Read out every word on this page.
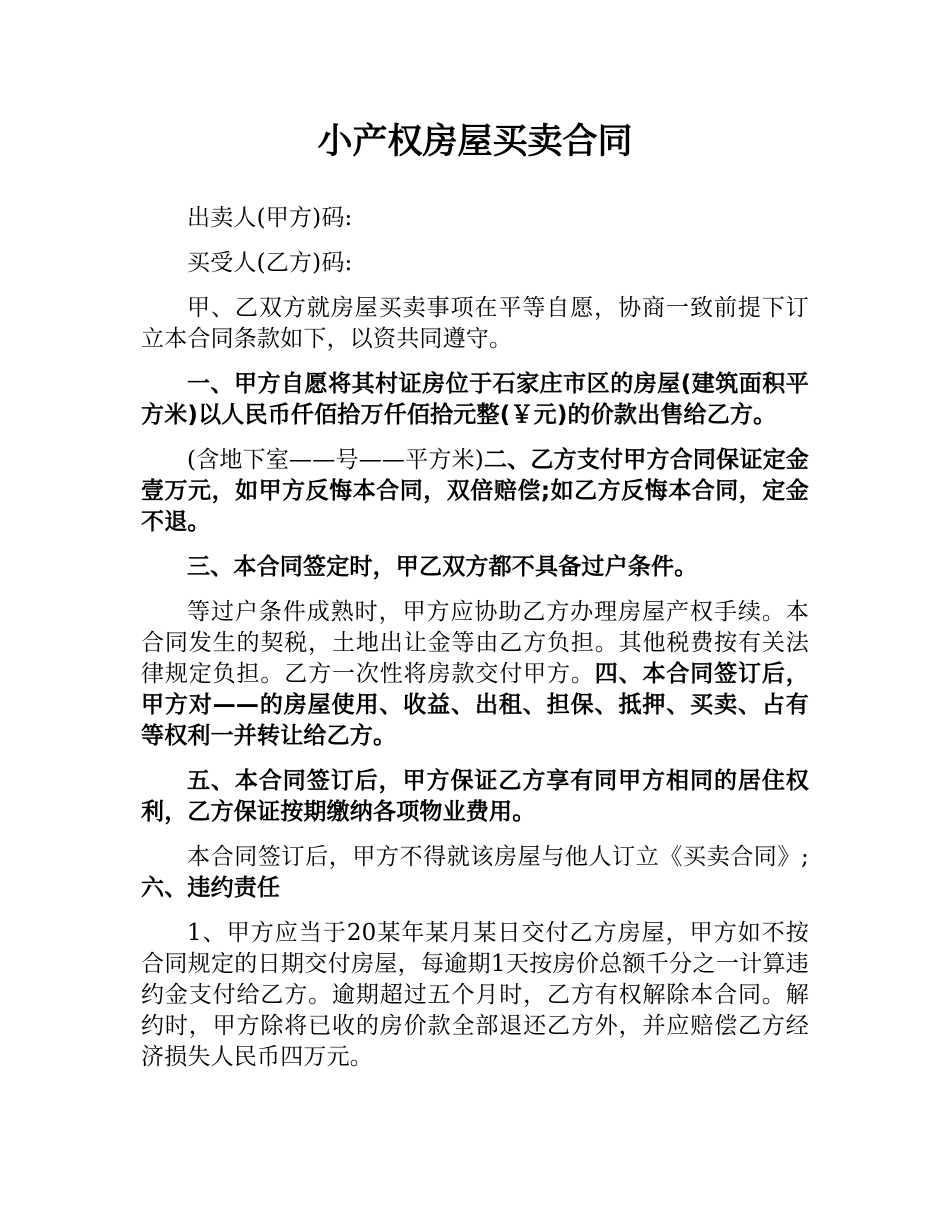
小产权房屋买卖合同

出卖人(甲方)码:

买受人(乙方)码:

甲、乙双方就房屋买卖事项在平等自愿，协商一致前提下订立本合同条款如下，以资共同遵守。

一、甲方自愿将其村证房位于石家庄市区的房屋(建筑面积平方米)以人民币仟佰拾万仟佰拾元整(￥元)的价款出售给乙方。

(含地下室——号——平方米)二、乙方支付甲方合同保证定金壹万元，如甲方反悔本合同，双倍赔偿;如乙方反悔本合同，定金不退。

三、本合同签定时，甲乙双方都不具备过户条件。

等过户条件成熟时，甲方应协助乙方办理房屋产权手续。本合同发生的契税，土地出让金等由乙方负担。其他税费按有关法律规定负担。乙方一次性将房款交付甲方。四、本合同签订后，甲方对——的房屋使用、收益、出租、担保、抵押、买卖、占有等权利一并转让给乙方。

五、本合同签订后，甲方保证乙方享有同甲方相同的居住权利，乙方保证按期缴纳各项物业费用。

本合同签订后，甲方不得就该房屋与他人订立《买卖合同》;六、违约责任

1、甲方应当于20某年某月某日交付乙方房屋，甲方如不按合同规定的日期交付房屋，每逾期1天按房价总额千分之一计算违约金支付给乙方。逾期超过五个月时，乙方有权解除本合同。解约时，甲方除将已收的房价款全部退还乙方外，并应赔偿乙方经济损失人民币四万元。
